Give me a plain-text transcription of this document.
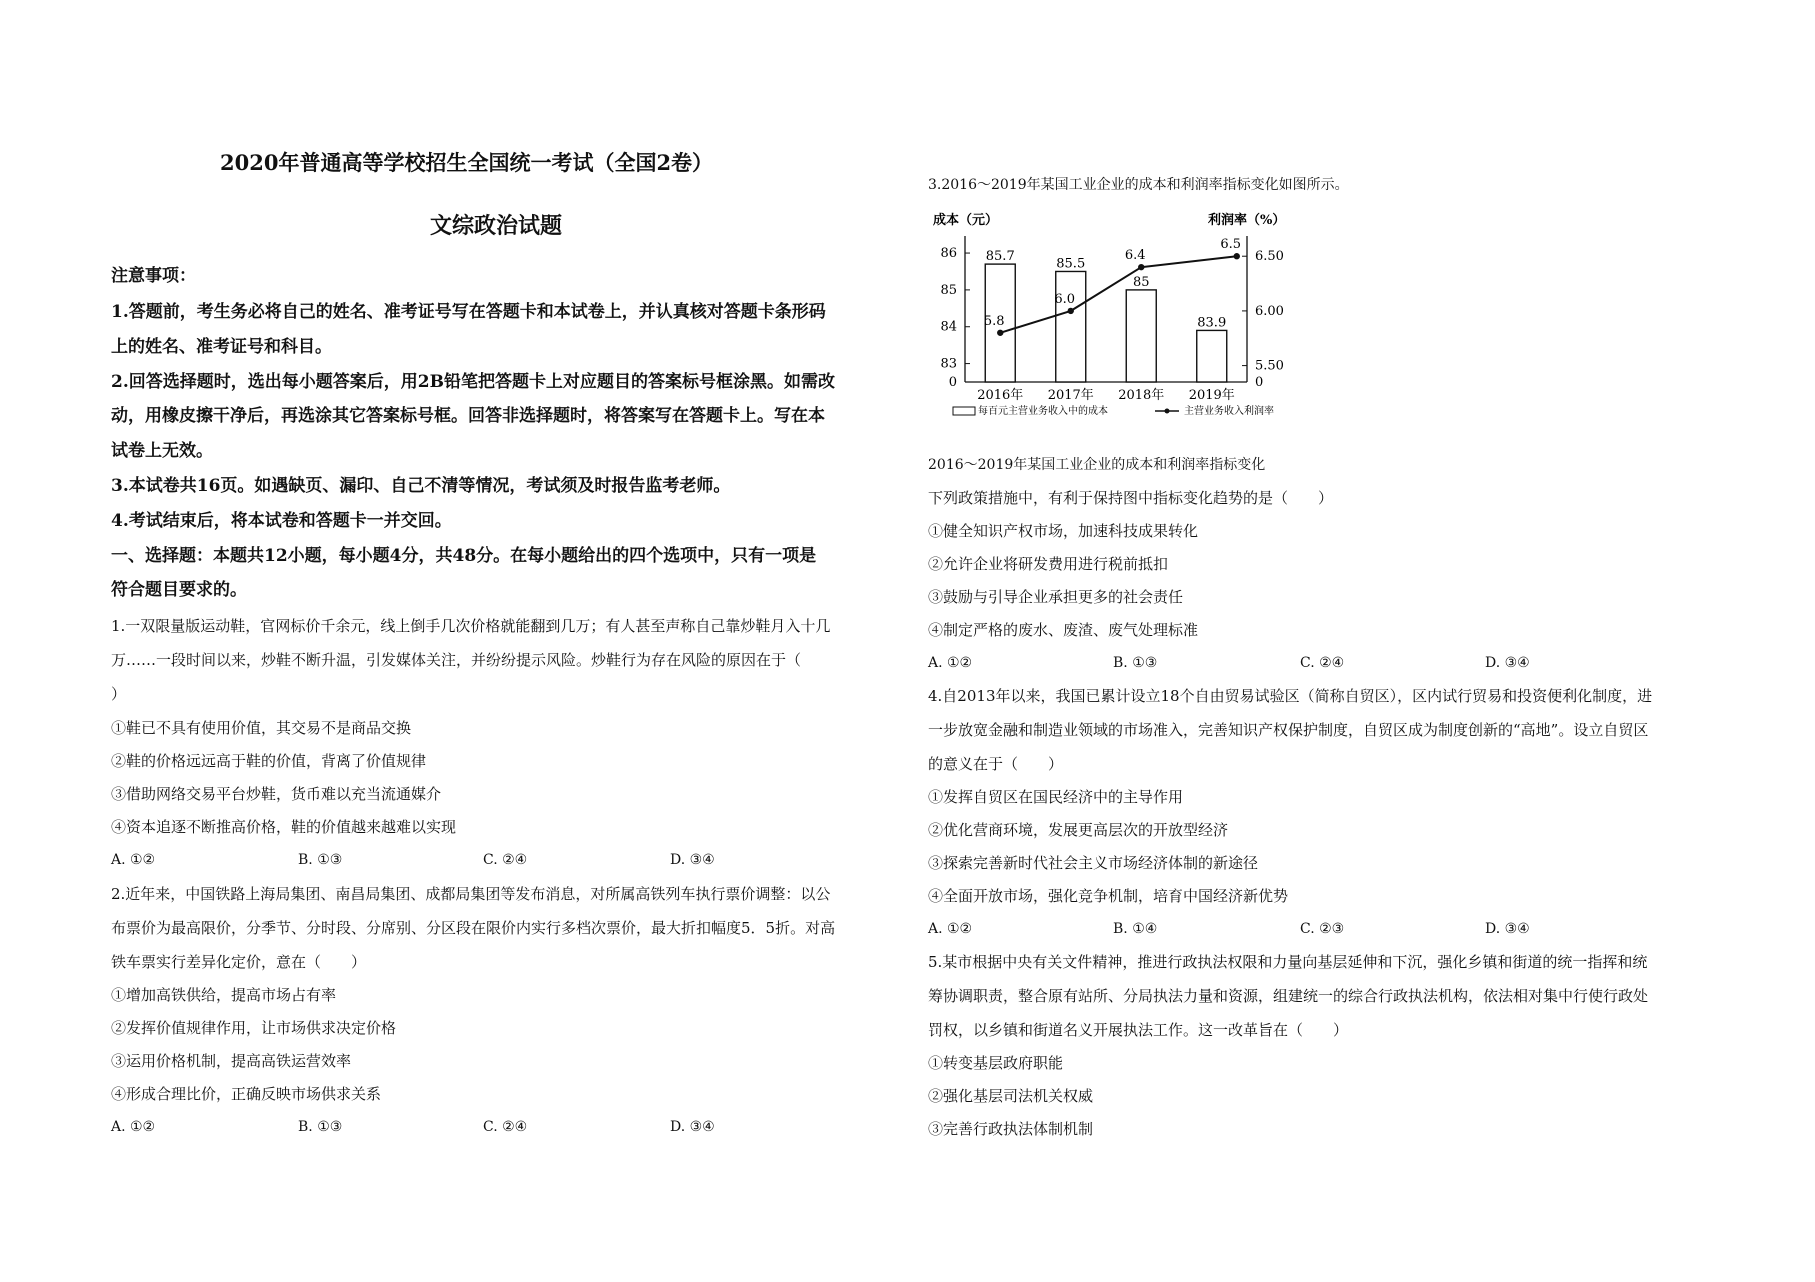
2020年普通高等学校招生全国统一考试（全国2卷）
文综政治试题
注意事项：
1.答题前，考生务必将自己的姓名、准考证号写在答题卡和本试卷上，并认真核对答题卡条形码
上的姓名、准考证号和科目。
2.回答选择题时，选出每小题答案后，用2B铅笔把答题卡上对应题目的答案标号框涂黑。如需改
动，用橡皮擦干净后，再选涂其它答案标号框。回答非选择题时，将答案写在答题卡上。写在本
试卷上无效。
3.本试卷共16页。如遇缺页、漏印、自己不清等情况，考试须及时报告监考老师。
4.考试结束后，将本试卷和答题卡一并交回。
一、选择题：本题共12小题，每小题4分，共48分。在每小题给出的四个选项中，只有一项是
符合题目要求的。
1.一双限量版运动鞋，官网标价千余元，线上倒手几次价格就能翻到几万；有人甚至声称自己靠炒鞋月入十几
万……一段时间以来，炒鞋不断升温，引发媒体关注，并纷纷提示风险。炒鞋行为存在风险的原因在于（
）
①鞋已不具有使用价值，其交易不是商品交换
②鞋的价格远远高于鞋的价值，背离了价值规律
③借助网络交易平台炒鞋，货币难以充当流通媒介
④资本追逐不断推高价格，鞋的价值越来越难以实现
A. ①②	B. ①③	C. ②④	D. ③④
2.近年来，中国铁路上海局集团、南昌局集团、成都局集团等发布消息，对所属高铁列车执行票价调整：以公
布票价为最高限价，分季节、分时段、分席别、分区段在限价内实行多档次票价，最大折扣幅度5．5折。对高
铁车票实行差异化定价，意在（　　）
①增加高铁供给，提高市场占有率
②发挥价值规律作用，让市场供求决定价格
③运用价格机制，提高高铁运营效率
④形成合理比价，正确反映市场供求关系
A. ①②	B. ①③	C. ②④	D. ③④
3.2016～2019年某国工业企业的成本和利润率指标变化如图所示。
2016～2019年某国工业企业的成本和利润率指标变化
下列政策措施中，有利于保持图中指标变化趋势的是（　　）
①健全知识产权市场，加速科技成果转化
②允许企业将研发费用进行税前抵扣
③鼓励与引导企业承担更多的社会责任
④制定严格的废水、废渣、废气处理标准
A. ①②	B. ①③	C. ②④	D. ③④
4.自2013年以来，我国已累计设立18个自由贸易试验区（简称自贸区），区内试行贸易和投资便利化制度，进
一步放宽金融和制造业领域的市场准入，完善知识产权保护制度，自贸区成为制度创新的“高地”。设立自贸区
的意义在于（　　）
①发挥自贸区在国民经济中的主导作用
②优化营商环境，发展更高层次的开放型经济
③探索完善新时代社会主义市场经济体制的新途径
④全面开放市场，强化竞争机制，培育中国经济新优势
A. ①②	B. ①④	C. ②③	D. ③④
5.某市根据中央有关文件精神，推进行政执法权限和力量向基层延伸和下沉，强化乡镇和街道的统一指挥和统
筹协调职责，整合原有站所、分局执法力量和资源，组建统一的综合行政执法机构，依法相对集中行使行政处
罚权，以乡镇和街道名义开展执法工作。这一改革旨在（　　）
①转变基层政府职能
②强化基层司法机关权威
③完善行政执法体制机制
成本（元）	利润率（%）
86
85
84
83
0
6.50
6.00
5.50
0
2016年 2017年 2018年 2019年
85.7	85.5
85
83.9
5.8
6.0
6.4
6.5
每百元主营业务收入中的成本	主营业务收入利润率
